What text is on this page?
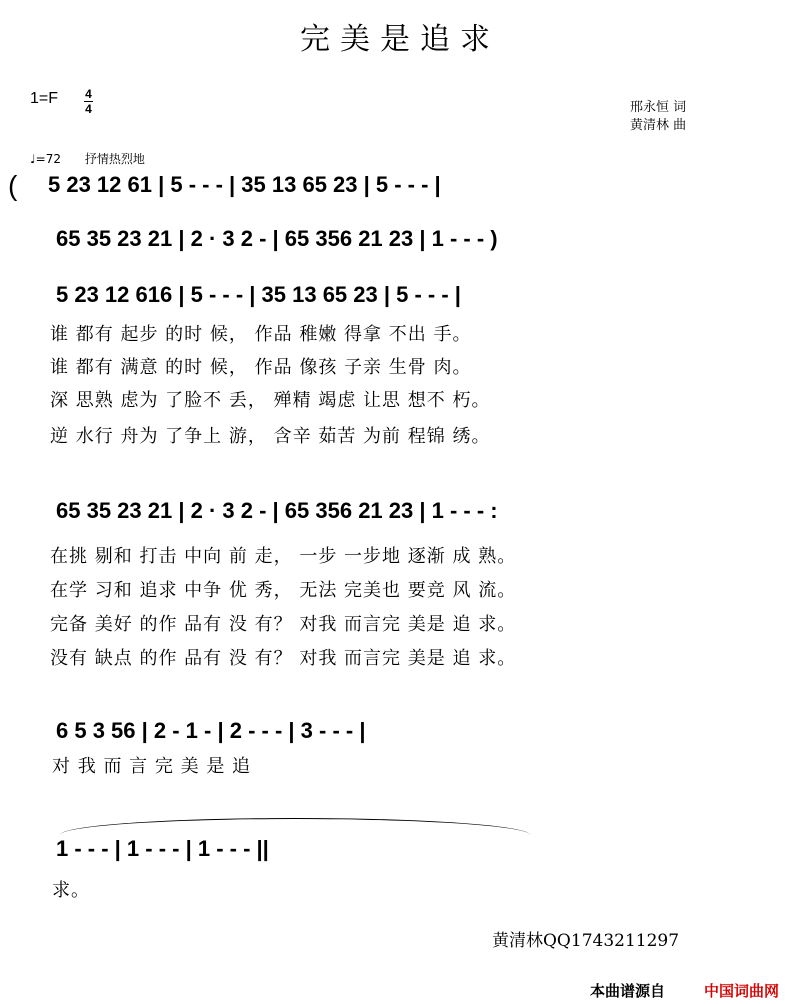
完美是追求
1=F 4
4	邢永恒 词
黄清林 曲
♩=72 抒情热烈地
( 5 23 12 61 | 5 - - - | 35 13 65 23 | 5 - - - |
65 35 23 21 | 2 · 3 2 - | 65 356 21 23 | 1 - - - )
5 23 12 616 | 5 - - - | 35 13 65 23 | 5 - - - |
谁 都有 起步 的时 候， 作品 稚嫩 得拿 不出 手。
谁 都有 满意 的时 候， 作品 像孩 子亲 生骨 肉。
深 思熟 虑为 了脸不 丢， 殚精 竭虑 让思 想不 朽。
逆 水行 舟为 了争上 游， 含辛 茹苦 为前 程锦 绣。
65 35 23 21 | 2 · 3 2 - | 65 356 21 23 | 1 - - - :
在挑 剔和 打击 中向 前 走， 一步 一步地 逐渐 成 熟。
在学 习和 追求 中争 优 秀， 无法 完美也 要竞 风 流。
完备 美好 的作 品有 没 有？ 对我 而言完 美是 追 求。
没有 缺点 的作 品有 没 有？ 对我 而言完 美是 追 求。
6 5 3 56 | 2 - 1 - | 2 - - - | 3 - - - |
对 我 而 言 完 美 是 追
1 - - - | 1 - - - | 1 - - - ||
求。
黄清林QQ1743211297
本曲谱源自	中国词曲网
